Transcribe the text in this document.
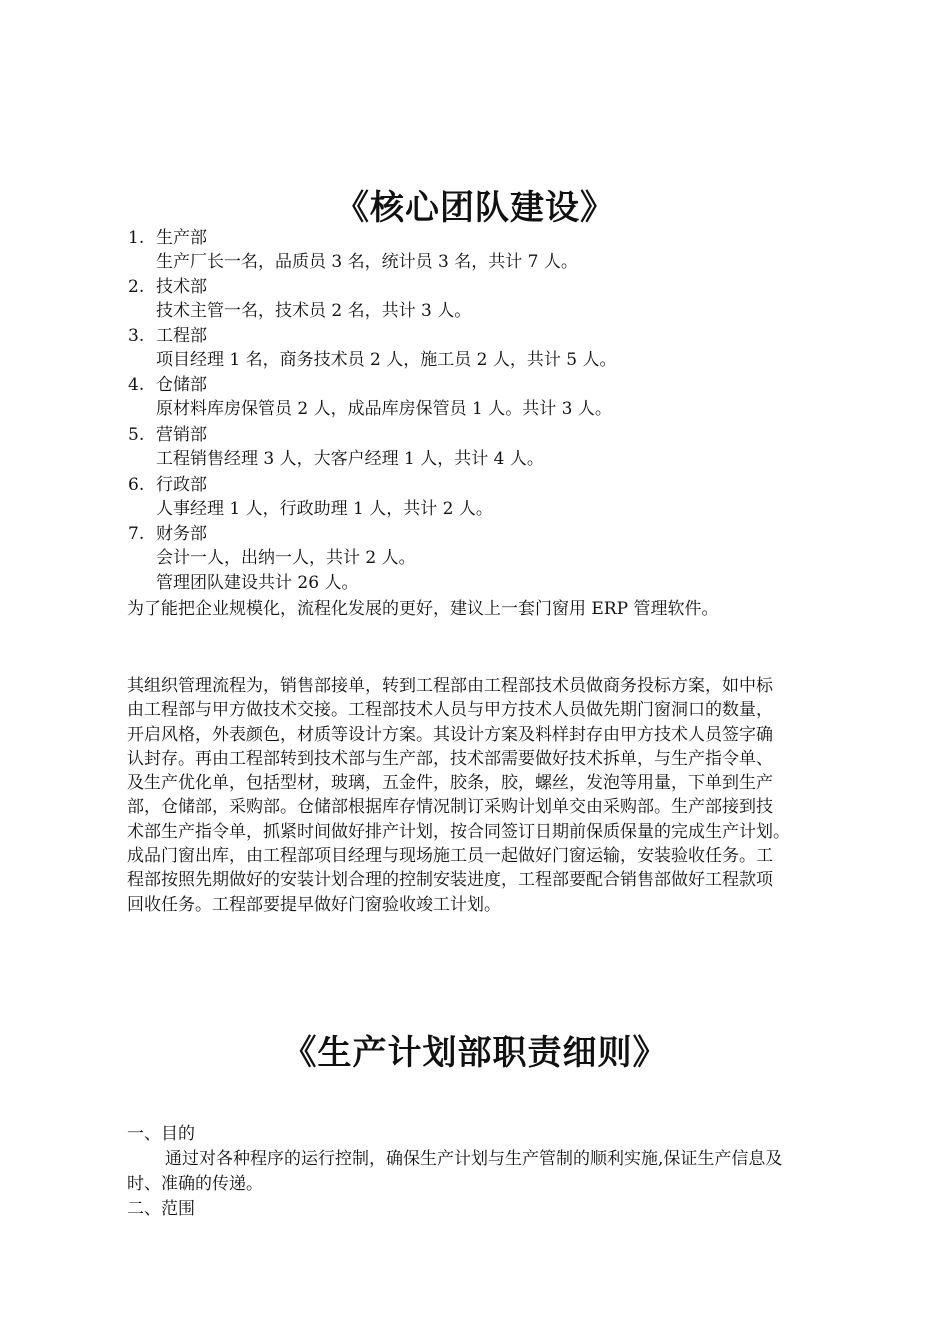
《核心团队建设》
1. 生产部
生产厂长一名，品质员 3 名，统计员 3 名，共计 7 人。
2. 技术部
技术主管一名，技术员 2 名，共计 3 人。
3. 工程部
项目经理 1 名，商务技术员 2 人，施工员 2 人，共计 5 人。
4. 仓储部
原材料库房保管员 2 人，成品库房保管员 1 人。共计 3 人。
5. 营销部
工程销售经理 3 人，大客户经理 1 人，共计 4 人。
6. 行政部
人事经理 1 人，行政助理 1 人，共计 2 人。
7. 财务部
会计一人，出纳一人，共计 2 人。
管理团队建设共计 26 人。
为了能把企业规模化，流程化发展的更好，建议上一套门窗用 ERP 管理软件。
其组织管理流程为，销售部接单，转到工程部由工程部技术员做商务投标方案，如中标
由工程部与甲方做技术交接。工程部技术人员与甲方技术人员做先期门窗洞口的数量，
开启风格，外表颜色，材质等设计方案。其设计方案及料样封存由甲方技术人员签字确
认封存。再由工程部转到技术部与生产部，技术部需要做好技术拆单，与生产指令单、
及生产优化单，包括型材，玻璃，五金件，胶条，胶，螺丝，发泡等用量，下单到生产
部，仓储部，采购部。仓储部根据库存情况制订采购计划单交由采购部。生产部接到技
术部生产指令单，抓紧时间做好排产计划，按合同签订日期前保质保量的完成生产计划。
成品门窗出库，由工程部项目经理与现场施工员一起做好门窗运输，安装验收任务。工
程部按照先期做好的安装计划合理的控制安装进度，工程部要配合销售部做好工程款项
回收任务。工程部要提早做好门窗验收竣工计划。
《生产计划部职责细则》
一、目的
通过对各种程序的运行控制，确保生产计划与生产管制的顺利实施,保证生产信息及
时、准确的传递。
二、范围
